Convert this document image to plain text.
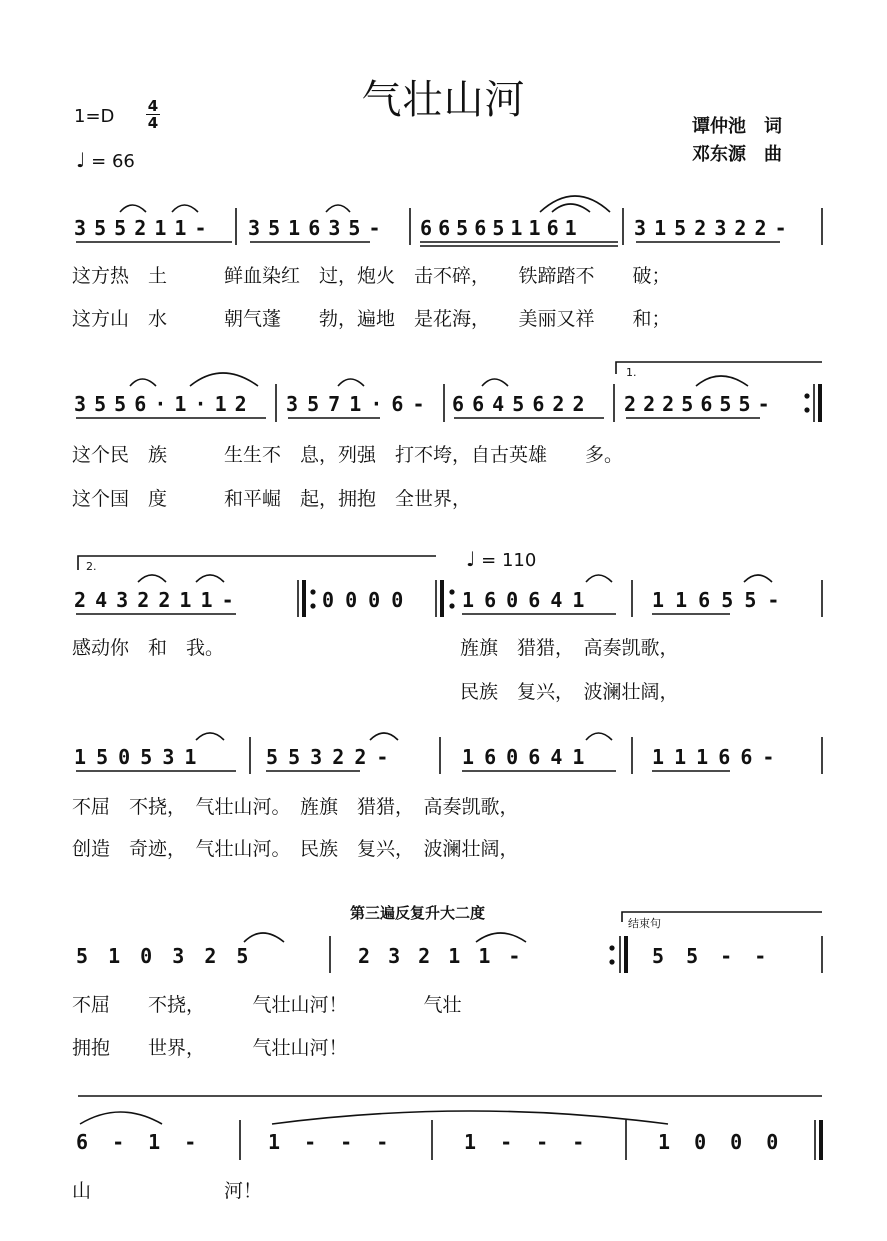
气壮山河
1=D 4
4
♩ = 66
谭仲池　词
邓东源　曲
3 5 5 2 1 1 - 3 5 1 6 3 5 - 6 6 5 6 5 1 1 6 1	3 1 5 2 3 2 2 -
这方热　土　　　鲜血染红　过，炮火　击不碎，　　铁蹄踏不　　破；
这方山　水　　　朝气蓬　　勃，遍地　是花海，　　美丽又祥　　和；
3 5 5 6 · 1 · 1 2 3 5 7 1 · 6 - 6 6 4 5 6 2 2 2 2 2 5 6 5 5 -
1.
这个民　族　　　生生不　息，列强　打不垮，自古英雄　　多。
这个国　度　　　和平崛　起，拥抱　全世界，
2.	♩ = 110
2 4 3 2 2 1 1 -	0 0 0 0	1 6 0 6 4 1	1 1 6 5 5 -
感动你　和　我。	旌旗　猎猎，　高奏凯歌，
民族　复兴，　波澜壮阔，
1 5 0 5 3 1	5 5 3 2 2 -	1 6 0 6 4 1	1 1 1 6 6 -
不屈　不挠，　气壮山河。　旌旗　猎猎，　高奏凯歌，
创造　奇迹，　气壮山河。　民族　复兴，　波澜壮阔，
第三遍反复升大二度
结束句
5 1 0 3 2 5	2 3 2 1 1 -	5 5 - -
不屈　　不挠，　　　气壮山河！　　　　气壮
拥抱　　世界，　　　气壮山河！
6 - 1 -	1 - - -	1 - - -	1 0 0 0
山　　　　　　　河！
